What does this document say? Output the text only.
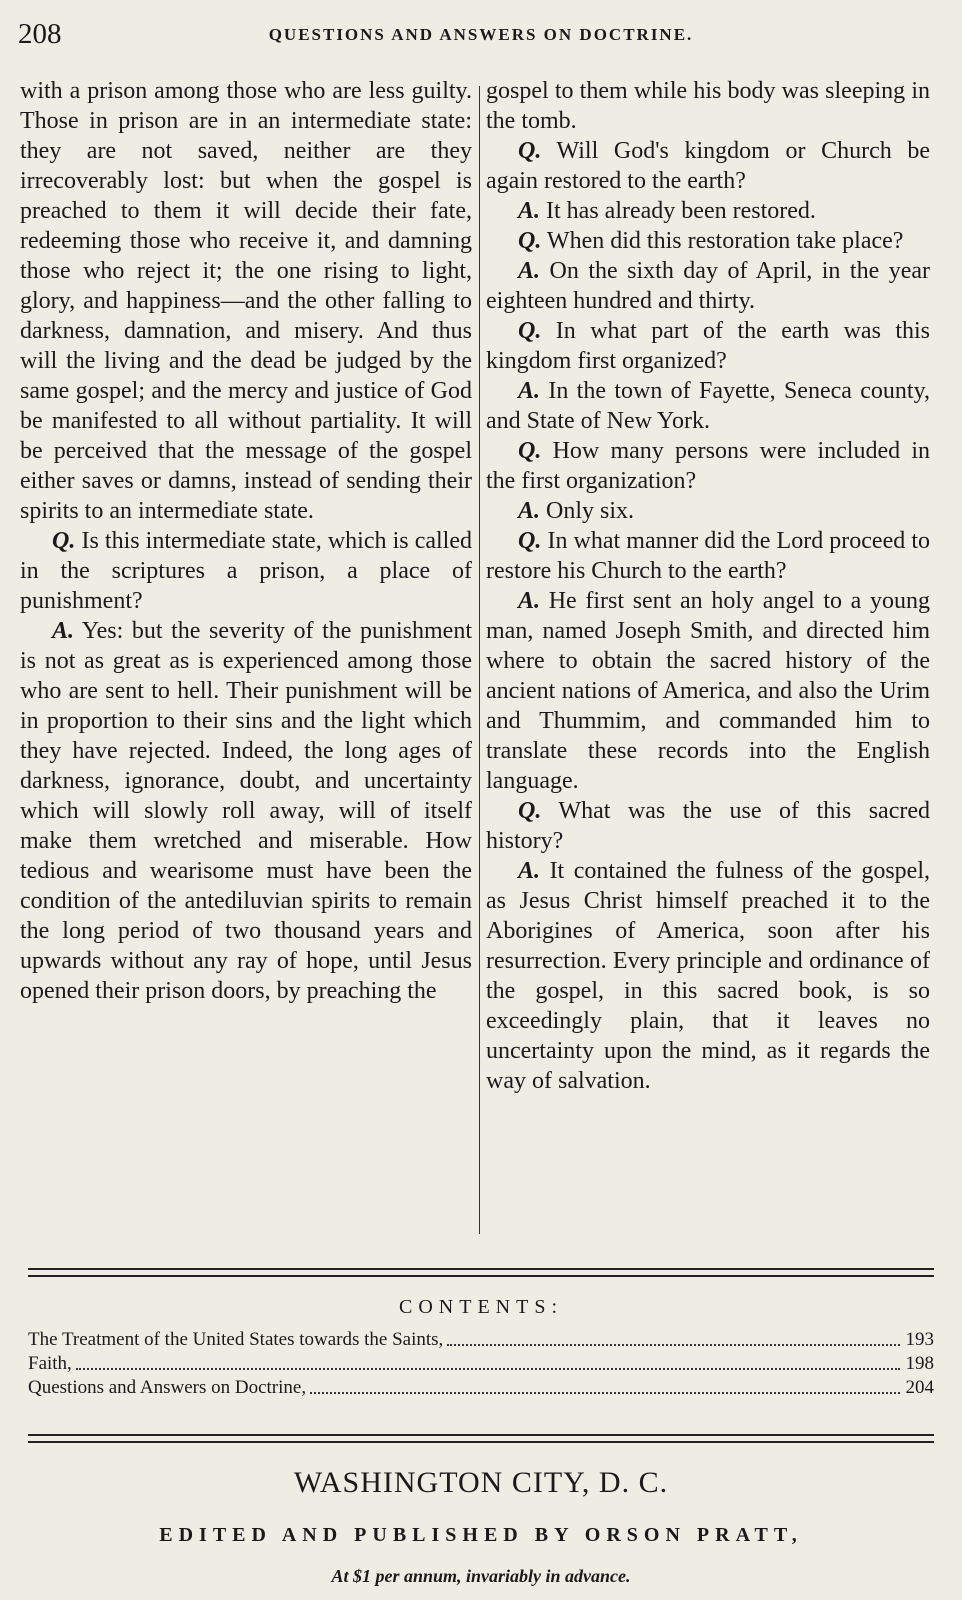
208	QUESTIONS AND ANSWERS ON DOCTRINE.

with a prison among those who are less guilty. Those in prison are in an intermediate state: they are not saved, neither are they irrecoverably lost: but when the gospel is preached to them it will decide their fate, redeeming those who receive it, and damning those who reject it; the one rising to light, glory, and happiness—and the other falling to darkness, damnation, and misery. And thus will the living and the dead be judged by the same gospel; and the mercy and justice of God be manifested to all without partiality. It will be perceived that the message of the gospel either saves or damns, instead of sending their spirits to an intermediate state.

Q. Is this intermediate state, which is called in the scriptures a prison, a place of punishment?

A. Yes: but the severity of the punishment is not as great as is experienced among those who are sent to hell. Their punishment will be in proportion to their sins and the light which they have rejected. Indeed, the long ages of darkness, ignorance, doubt, and uncertainty which will slowly roll away, will of itself make them wretched and miserable. How tedious and wearisome must have been the condition of the antediluvian spirits to remain the long period of two thousand years and upwards without any ray of hope, until Jesus opened their prison doors, by preaching the

gospel to them while his body was sleeping in the tomb.

Q. Will God's kingdom or Church be again restored to the earth?

A. It has already been restored.

Q. When did this restoration take place?

A. On the sixth day of April, in the year eighteen hundred and thirty.

Q. In what part of the earth was this kingdom first organized?

A. In the town of Fayette, Seneca county, and State of New York.

Q. How many persons were included in the first organization?

A. Only six.

Q. In what manner did the Lord proceed to restore his Church to the earth?

A. He first sent an holy angel to a young man, named Joseph Smith, and directed him where to obtain the sacred history of the ancient nations of America, and also the Urim and Thummim, and commanded him to translate these records into the English language.

Q. What was the use of this sacred history?

A. It contained the fulness of the gospel, as Jesus Christ himself preached it to the Aborigines of America, soon after his resurrection. Every principle and ordinance of the gospel, in this sacred book, is so exceedingly plain, that it leaves no uncertainty upon the mind, as it regards the way of salvation.

CONTENTS:
The Treatment of the United States towards the Saints,	193
Faith,	198
Questions and Answers on Doctrine,	204
WASHINGTON CITY, D. C.
EDITED AND PUBLISHED BY ORSON PRATT,
At $1 per annum, invariably in advance.
